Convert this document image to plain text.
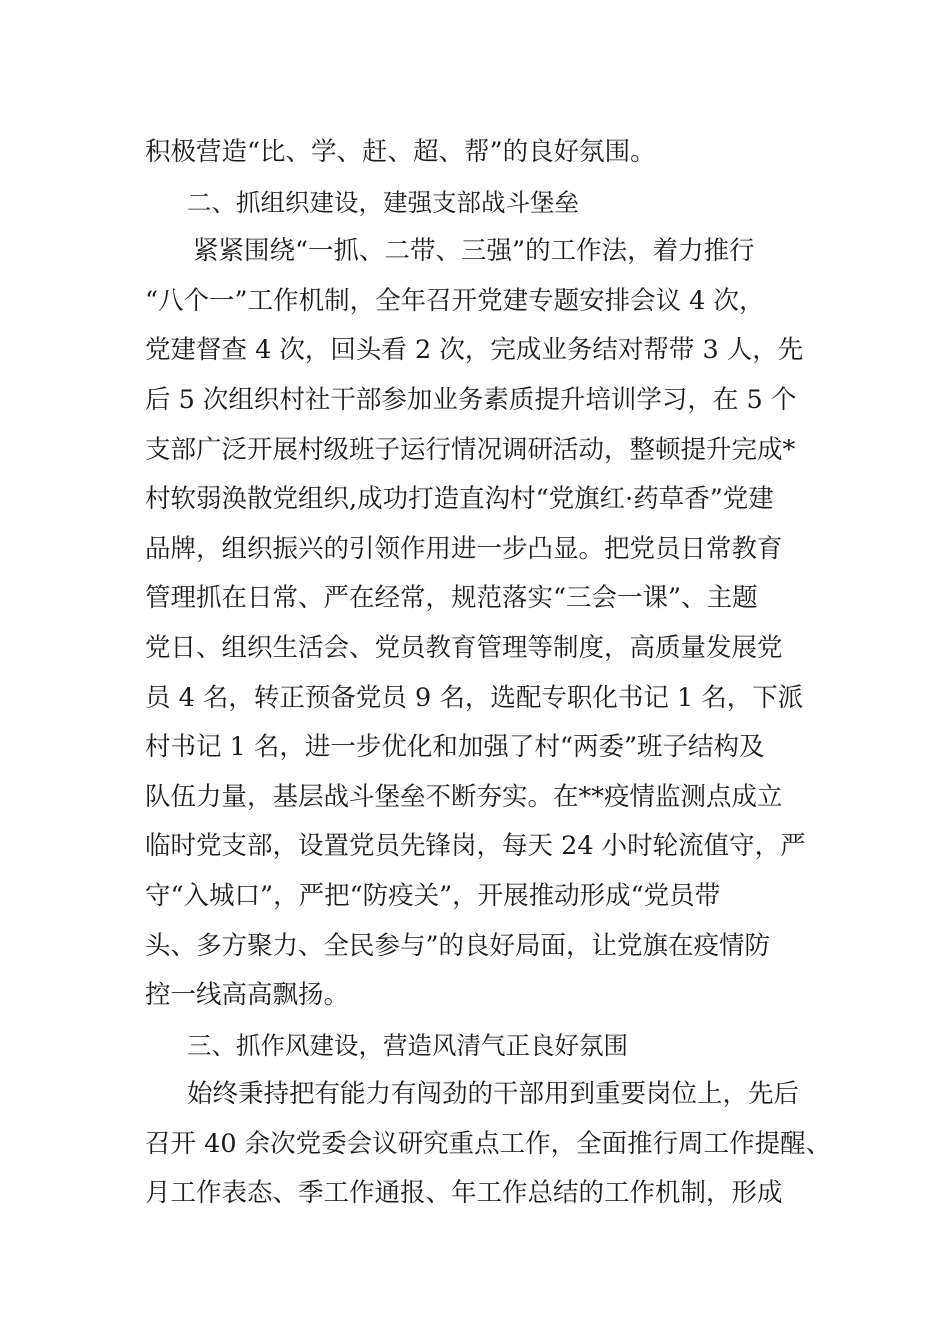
积极营造“比、学、赶、超、帮”的良好氛围。
二、抓组织建设，建强支部战斗堡垒
紧紧围绕“一抓、二带、三强”的工作法，着力推行
“八个一”工作机制，全年召开党建专题安排会议 4 次，
党建督查 4 次，回头看 2 次，完成业务结对帮带 3 人，先
后 5 次组织村社干部参加业务素质提升培训学习，在 5 个
支部广泛开展村级班子运行情况调研活动，整顿提升完成*
村软弱涣散党组织,成功打造直沟村“党旗红·药草香”党建
品牌，组织振兴的引领作用进一步凸显。把党员日常教育
管理抓在日常、严在经常，规范落实“三会一课”、主题
党日、组织生活会、党员教育管理等制度，高质量发展党
员 4 名，转正预备党员 9 名，选配专职化书记 1 名，下派
村书记 1 名，进一步优化和加强了村“两委”班子结构及
队伍力量，基层战斗堡垒不断夯实。在**疫情监测点成立
临时党支部，设置党员先锋岗，每天 24 小时轮流值守，严
守“入城口”，严把“防疫关”，开展推动形成“党员带
头、多方聚力、全民参与”的良好局面，让党旗在疫情防
控一线高高飘扬。
三、抓作风建设，营造风清气正良好氛围
始终秉持把有能力有闯劲的干部用到重要岗位上，先后
召开 40 余次党委会议研究重点工作，全面推行周工作提醒、
月工作表态、季工作通报、年工作总结的工作机制，形成
